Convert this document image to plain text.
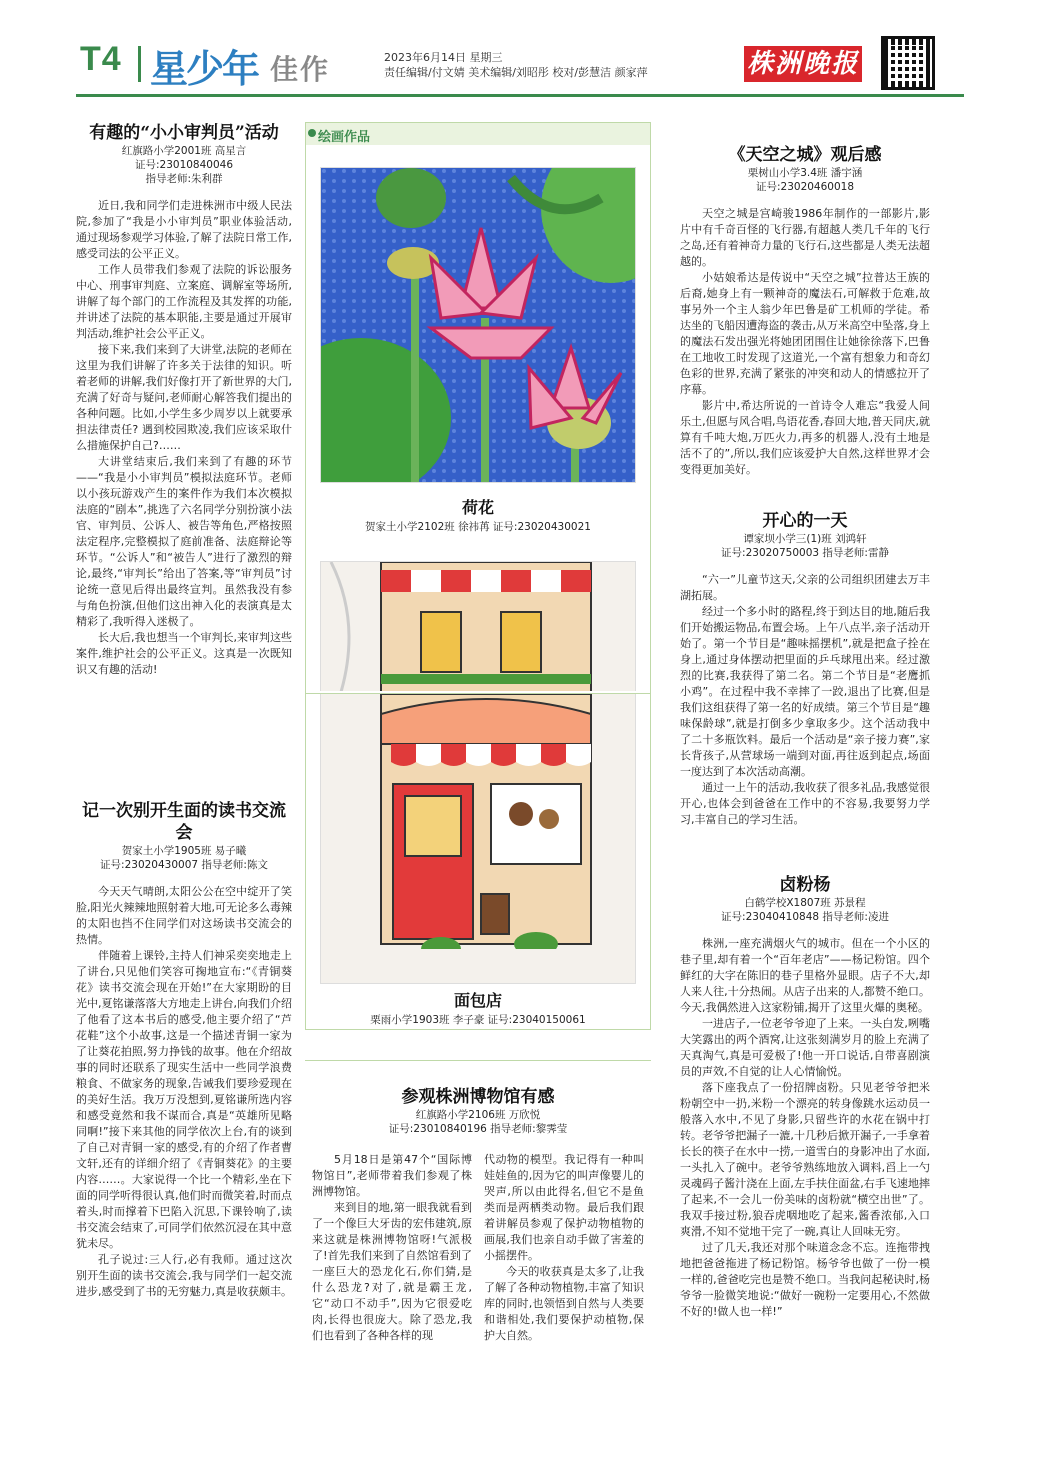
T4 星少年 佳作	2023年6月14日 星期三
责任编辑/付文婧 美术编辑/刘昭彤 校对/彭慧洁 颜家萍	株洲晚报
有趣的“小小审判员”活动
红旗路小学2001班 高星言
证号:23010840046
指导老师:朱利群

近日,我和同学们走进株洲市中级人民法院,参加了“我是小小审判员”职业体验活动,通过现场参观学习体验,了解了法院日常工作,感受司法的公平正义。

工作人员带我们参观了法院的诉讼服务中心、刑事审判庭、立案庭、调解室等场所,讲解了每个部门的工作流程及其发挥的功能,并讲述了法院的基本职能,主要是通过开展审判活动,维护社会公平正义。

接下来,我们来到了大讲堂,法院的老师在这里为我们讲解了许多关于法律的知识。听着老师的讲解,我们好像打开了新世界的大门,充满了好奇与疑问,老师耐心解答我们提出的各种问题。比如,小学生多少周岁以上就要承担法律责任? 遇到校园欺凌,我们应该采取什么措施保护自己?……

大讲堂结束后,我们来到了有趣的环节——“我是小小审判员”模拟法庭环节。老师以小孩玩游戏产生的案件作为我们本次模拟法庭的“剧本”,挑选了六名同学分别扮演小法官、审判员、公诉人、被告等角色,严格按照法定程序,完整模拟了庭前准备、法庭辩论等环节。“公诉人”和“被告人”进行了激烈的辩论,最终,“审判长”给出了答案,等“审判员”讨论统一意见后得出最终宣判。虽然我没有参与角色扮演,但他们这出神入化的表演真是太精彩了,我听得入迷极了。

长大后,我也想当一个审判长,来审判这些案件,维护社会的公平正义。这真是一次既知识又有趣的活动!

记一次别开生面的读书交流会
贺家土小学1905班 易子曦
证号:23020430007 指导老师:陈文

今天天气晴朗,太阳公公在空中绽开了笑脸,阳光火辣辣地照射着大地,可无论多么毒辣的太阳也挡不住同学们对这场读书交流会的热情。

伴随着上课铃,主持人们神采奕奕地走上了讲台,只见他们笑容可掬地宣布:“《青铜葵花》读书交流会现在开始!”在大家期盼的目光中,夏铭谦落落大方地走上讲台,向我们介绍了他看了这本书后的感受,他主要介绍了“芦花鞋”这个小故事,这是一个描述青铜一家为了让葵花拍照,努力挣钱的故事。他在介绍故事的同时还联系了现实生活中一些同学浪费粮食、不做家务的现象,告诫我们要珍爱现在的美好生活。我万万没想到,夏铭谦所选内容和感受竟然和我不谋而合,真是“英雄所见略同啊!”接下来其他的同学依次上台,有的谈到了自己对青铜一家的感受,有的介绍了作者曹文轩,还有的详细介绍了《青铜葵花》的主要内容……。大家说得一个比一个精彩,坐在下面的同学听得很认真,他们时而微笑着,时而点着头,时而撑着下巴陷入沉思,下课铃响了,读书交流会结束了,可同学们依然沉浸在其中意犹未尽。

孔子说过:三人行,必有我师。通过这次别开生面的读书交流会,我与同学们一起交流进步,感受到了书的无穷魅力,真是收获颇丰。

绘画作品
荷花
贺家土小学2102班 徐祎苒 证号:23020430021
面包店
栗雨小学1903班 李子豪 证号:23040150061
参观株洲博物馆有感
红旗路小学2106班 万欣悦
证号:23010840196 指导老师:黎霁莹

5月18日是第47个“国际博物馆日”,老师带着我们参观了株洲博物馆。

来到目的地,第一眼我就看到了一个像巨大牙齿的宏伟建筑,原来这就是株洲博物馆呀!气派极了!首先我们来到了自然馆看到了一座巨大的恐龙化石,你们猜,是什么恐龙?对了,就是霸王龙,它“动口不动手”,因为它很爱吃肉,长得也很庞大。除了恐龙,我们也看到了各种各样的现

代动物的模型。我记得有一种叫娃娃鱼的,因为它的叫声像婴儿的哭声,所以由此得名,但它不是鱼类而是两栖类动物。最后我们跟着讲解员参观了保护动物植物的画展,我们也亲自动手做了害羞的小摇摆件。

今天的收获真是太多了,让我了解了各种动物植物,丰富了知识库的同时,也领悟到自然与人类要和谐相处,我们要保护动植物,保护大自然。

《天空之城》观后感
栗树山小学3.4班 潘宇涵
证号:23020460018

天空之城是宫崎骏1986年制作的一部影片,影片中有千奇百怪的飞行器,有超越人类几千年的飞行之岛,还有着神奇力量的飞行石,这些都是人类无法超越的。

小姑娘希达是传说中“天空之城”拉普达王族的后裔,她身上有一颗神奇的魔法石,可解救于危难,故事另外一个主人翁少年巴鲁是矿工机师的学徒。希达坐的飞船因遭海盗的袭击,从万米高空中坠落,身上的魔法石发出强光将她团团围住让她徐徐落下,巴鲁在工地收工时发现了这道光,一个富有想象力和奇幻色彩的世界,充满了紧张的冲突和动人的情感拉开了序幕。

影片中,希达所说的一首诗令人难忘“我爱人间乐土,但愿与风合唱,鸟语花香,春回大地,普天同庆,就算有千吨大炮,万匹火力,再多的机器人,没有土地是活不了的”,所以,我们应该爱护大自然,这样世界才会变得更加美好。

开心的一天
谭家坝小学三(1)班 刘鸿轩
证号:23020750003 指导老师:雷静

“六一”儿童节这天,父亲的公司组织团建去万丰湖拓展。

经过一个多小时的路程,终于到达目的地,随后我们开始搬运物品,布置会场。上午八点半,亲子活动开始了。第一个节目是“趣味摇摆机”,就是把盒子拴在身上,通过身体摆动把里面的乒乓球甩出来。经过激烈的比赛,我获得了第二名。第二个节目是“老鹰抓小鸡”。在过程中我不幸摔了一跤,退出了比赛,但是我们这组获得了第一名的好成绩。第三个节目是“趣味保龄球”,就是打倒多少拿取多少。这个活动我中了二十多瓶饮料。最后一个活动是“亲子接力赛”,家长背孩子,从营球场一端到对面,再往返到起点,场面一度达到了本次活动高潮。

通过一上午的活动,我收获了很多礼品,我感觉很开心,也体会到爸爸在工作中的不容易,我要努力学习,丰富自己的学习生活。

卤粉杨
白鹤学校X1807班 苏景程
证号:23040410848 指导老师:凌进

株洲,一座充满烟火气的城市。但在一个小区的巷子里,却有着一个“百年老店”——杨记粉馆。四个鲜红的大字在陈旧的巷子里格外显眼。店子不大,却人来人往,十分热闹。从店子出来的人,都赞不绝口。今天,我偶然进入这家粉铺,揭开了这里火爆的奥秘。

一进店子,一位老爷爷迎了上来。一头白发,咧嘴大笑露出的两个酒窝,让这张刻满岁月的脸上充满了天真淘气,真是可爱极了!他一开口说话,自带喜剧演员的声效,不自觉的让人心情愉悦。

落下座我点了一份招牌卤粉。只见老爷爷把米粉朝空中一扔,米粉一个漂亮的转身像跳水运动员一般落入水中,不见了身影,只留些许的水花在锅中打转。老爷爷把漏子一漉,十几秒后掀开漏子,一手拿着长长的筷子在水中一捞,一道雪白的身影冲出了水面,一头扎入了碗中。老爷爷熟练地放入调料,舀上一勺灵魂码子酱汁浇在上面,左手扶住面盆,右手飞速地摔了起来,不一会儿一份美味的卤粉就“横空出世”了。我双手接过粉,狼吞虎咽地吃了起来,酱香浓郁,入口爽滑,不知不觉地干完了一碗,真让人回味无穷。

过了几天,我还对那个味道念念不忘。连拖带拽地把爸爸拖进了杨记粉馆。杨爷爷也做了一份一模一样的,爸爸吃完也是赞不绝口。当我问起秘诀时,杨爷爷一脸微笑地说:“做好一碗粉一定要用心,不然做不好的!做人也一样!”
